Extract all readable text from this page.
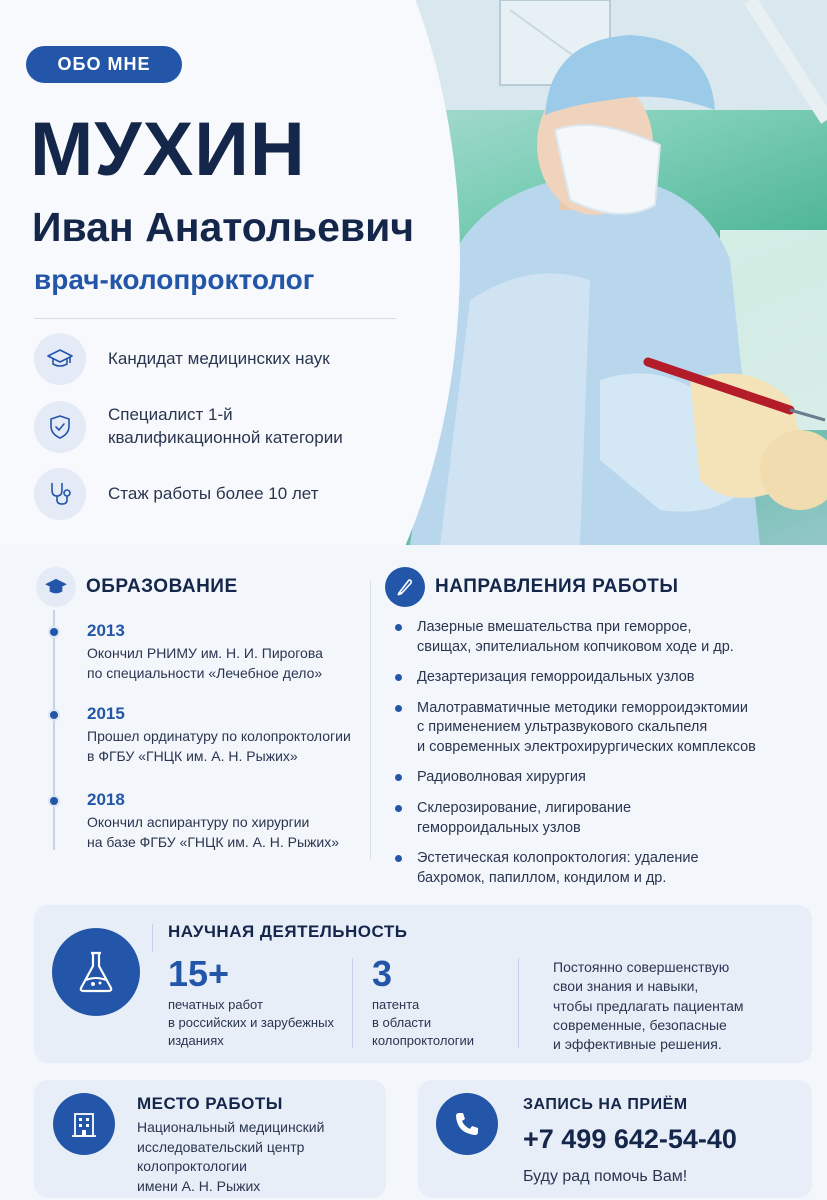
ОБО МНЕ
МУХИН
Иван Анатольевич
врач-колопроктолог
Кандидат медицинских наук
Специалист 1-й
квалификационной категории
Стаж работы более 10 лет
ОБРАЗОВАНИЕ
2013
Окончил РНИМУ им. Н. И. Пирогова
по специальности «Лечебное дело»
2015
Прошел ординатуру по колопроктологии
в ФГБУ «ГНЦК им. А. Н. Рыжих»
2018
Окончил аспирантуру по хирургии
на базе ФГБУ «ГНЦК им. А. Н. Рыжих»
НАПРАВЛЕНИЯ РАБОТЫ
Лазерные вмешательства при геморрое,
свищах, эпителиальном копчиковом ходе и др.
Дезартеризация геморроидальных узлов
Малотравматичные методики геморроидэктомии
с применением ультразвукового скальпеля
и современных электрохирургических комплексов
Радиоволновая хирургия
Склерозирование, лигирование
геморроидальных узлов
Эстетическая колопроктология: удаление
бахромок, папиллом, кондилом и др.
НАУЧНАЯ ДЕЯТЕЛЬНОСТЬ
15+
печатных работ
в российских и зарубежных
изданиях
3
патента
в области
колопроктологии
Постоянно совершенствую
свои знания и навыки,
чтобы предлагать пациентам
современные, безопасные
и эффективные решения.
МЕСТО РАБОТЫ
Национальный медицинский
исследовательский центр
колопроктологии
имени А. Н. Рыжих
ЗАПИСЬ НА ПРИЁМ
+7 499 642-54-40
Буду рад помочь Вам!
